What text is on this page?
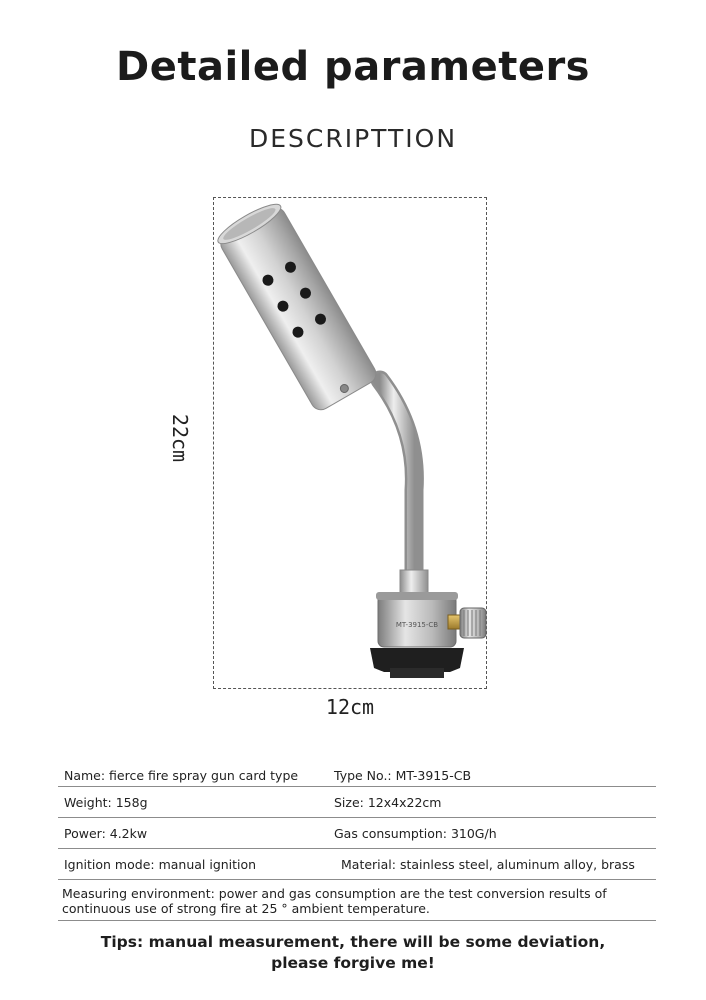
Detailed parameters
DESCRIPTTION
22cm
12cm
MT-3915-CB
Name: fierce fire spray gun card type	Type No.: MT-3915-CB
Weight: 158g	Size: 12x4x22cm
Power: 4.2kw	Gas consumption: 310G/h
Ignition mode: manual ignition	Material: stainless steel, aluminum alloy, brass
Measuring environment: power and gas consumption are the test conversion results of continuous use of strong fire at 25 ° ambient temperature.
Tips: manual measurement, there will be some deviation,
please forgive me!
